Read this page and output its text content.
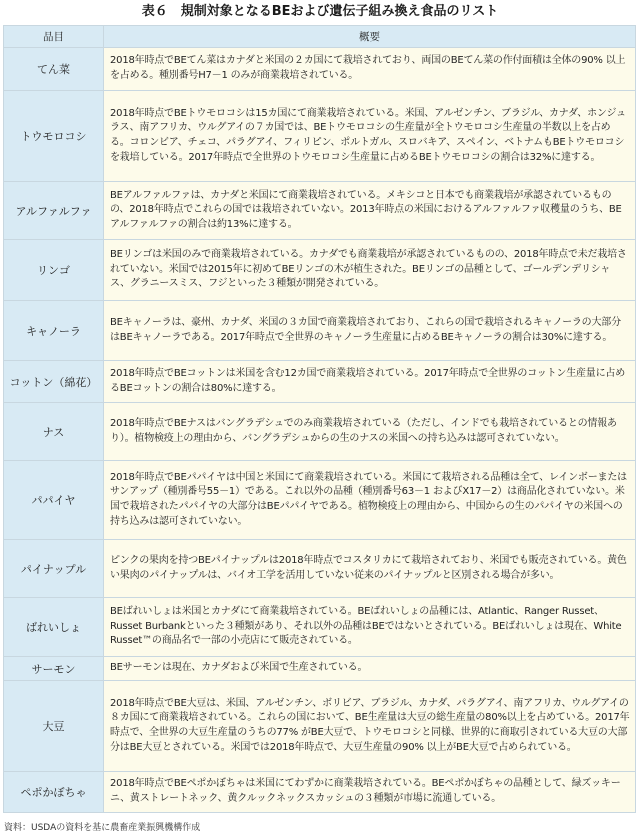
表６　規制対象となるBEおよび遺伝子組み換え食品のリスト
品目	概要
てん菜	2018年時点でBEてん菜はカナダと米国の２カ国にて栽培されており、両国のBEてん菜の作付面積は全体の90% 以上を占める。種別番号H7－1 のみが商業栽培されている。
トウモロコシ	2018年時点でBEトウモロコシは15カ国にて商業栽培されている。米国、アルゼンチン、ブラジル、カナダ、ホンジュラス、南アフリカ、ウルグアイの７カ国では、BEトウモロコシの生産量が全トウモロコシ生産量の半数以上を占める。コロンビア、チェコ、パラグアイ、フィリピン、ポルトガル、スロバキア、スペイン、ベトナムもBEトウモロコシを栽培している。2017年時点で全世界のトウモロコシ生産量に占めるBEトウモロコシの割合は32%に達する。
アルファルファ	BEアルファルファは、カナダと米国にて商業栽培されている。メキシコと日本でも商業栽培が承認されているものの、2018年時点でこれらの国では栽培されていない。2013年時点の米国におけるアルファルファ収穫量のうち、BEアルファルファの割合は約13%に達する。
リンゴ	BEリンゴは米国のみで商業栽培されている。カナダでも商業栽培が承認されているものの、2018年時点で未だ栽培されていない。米国では2015年に初めてBEリンゴの木が植生された。BEリンゴの品種として、ゴールデンデリシャス、グラニースミス、フジといった３種類が開発されている。
キャノーラ	BEキャノーラは、豪州、カナダ、米国の３カ国で商業栽培されており、これらの国で栽培されるキャノーラの大部分はBEキャノーラである。2017年時点で全世界のキャノーラ生産量に占めるBEキャノーラの割合は30%に達する。
コットン（綿花）	2018年時点でBEコットンは米国を含む12カ国で商業栽培されている。2017年時点で全世界のコットン生産量に占めるBEコットンの割合は80%に達する。
ナス	2018年時点でBEナスはバングラデシュでのみ商業栽培されている（ただし、インドでも栽培されているとの情報あり）。植物検疫上の理由から、バングラデシュからの生のナスの米国への持ち込みは認可されていない。
パパイヤ	2018年時点でBEパパイヤは中国と米国にて商業栽培されている。米国にて栽培される品種は全て、レインボーまたはサンアップ（種別番号55－1）である。これ以外の品種（種別番号63－1 およびX17－2）は商品化されていない。米国で栽培されたパパイヤの大部分はBEパパイヤである。植物検疫上の理由から、中国からの生のパパイヤの米国への持ち込みは認可されていない。
パイナップル	ピンクの果肉を持つBEパイナップルは2018年時点でコスタリカにて栽培されており、米国でも販売されている。黄色い果肉のパイナップルは、バイオ工学を活用していない従来のパイナップルと区別される場合が多い。
ばれいしょ	BEばれいしょは米国とカナダにて商業栽培されている。BEばれいしょの品種には、Atlantic、Ranger Russet、Russet Burbankといった３種類があり、それ以外の品種はBEではないとされている。BEばれいしょは現在、White Russet™の商品名で一部の小売店にて販売されている。
サーモン	BEサーモンは現在、カナダおよび米国で生産されている。
大豆	2018年時点でBE大豆は、米国、アルゼンチン、ボリビア、ブラジル、カナダ、パラグアイ、南アフリカ、ウルグアイの８カ国にて商業栽培されている。これらの国において、BE生産量は大豆の総生産量の80%以上を占めている。2017年時点で、全世界の大豆生産量のうちの77% がBE大豆で、トウモロコシと同様、世界的に商取引されている大豆の大部分はBE大豆とされている。米国では2018年時点で、大豆生産量の90% 以上がBE大豆で占められている。
ペポかぼちゃ	2018年時点でBEペポかぼちゃは米国にてわずかに商業栽培されている。BEペポかぼちゃの品種として、緑ズッキーニ、黄ストレートネック、黄クルックネックスカッシュの３種類が市場に流通している。
資料：USDAの資料を基に農畜産業振興機構作成
